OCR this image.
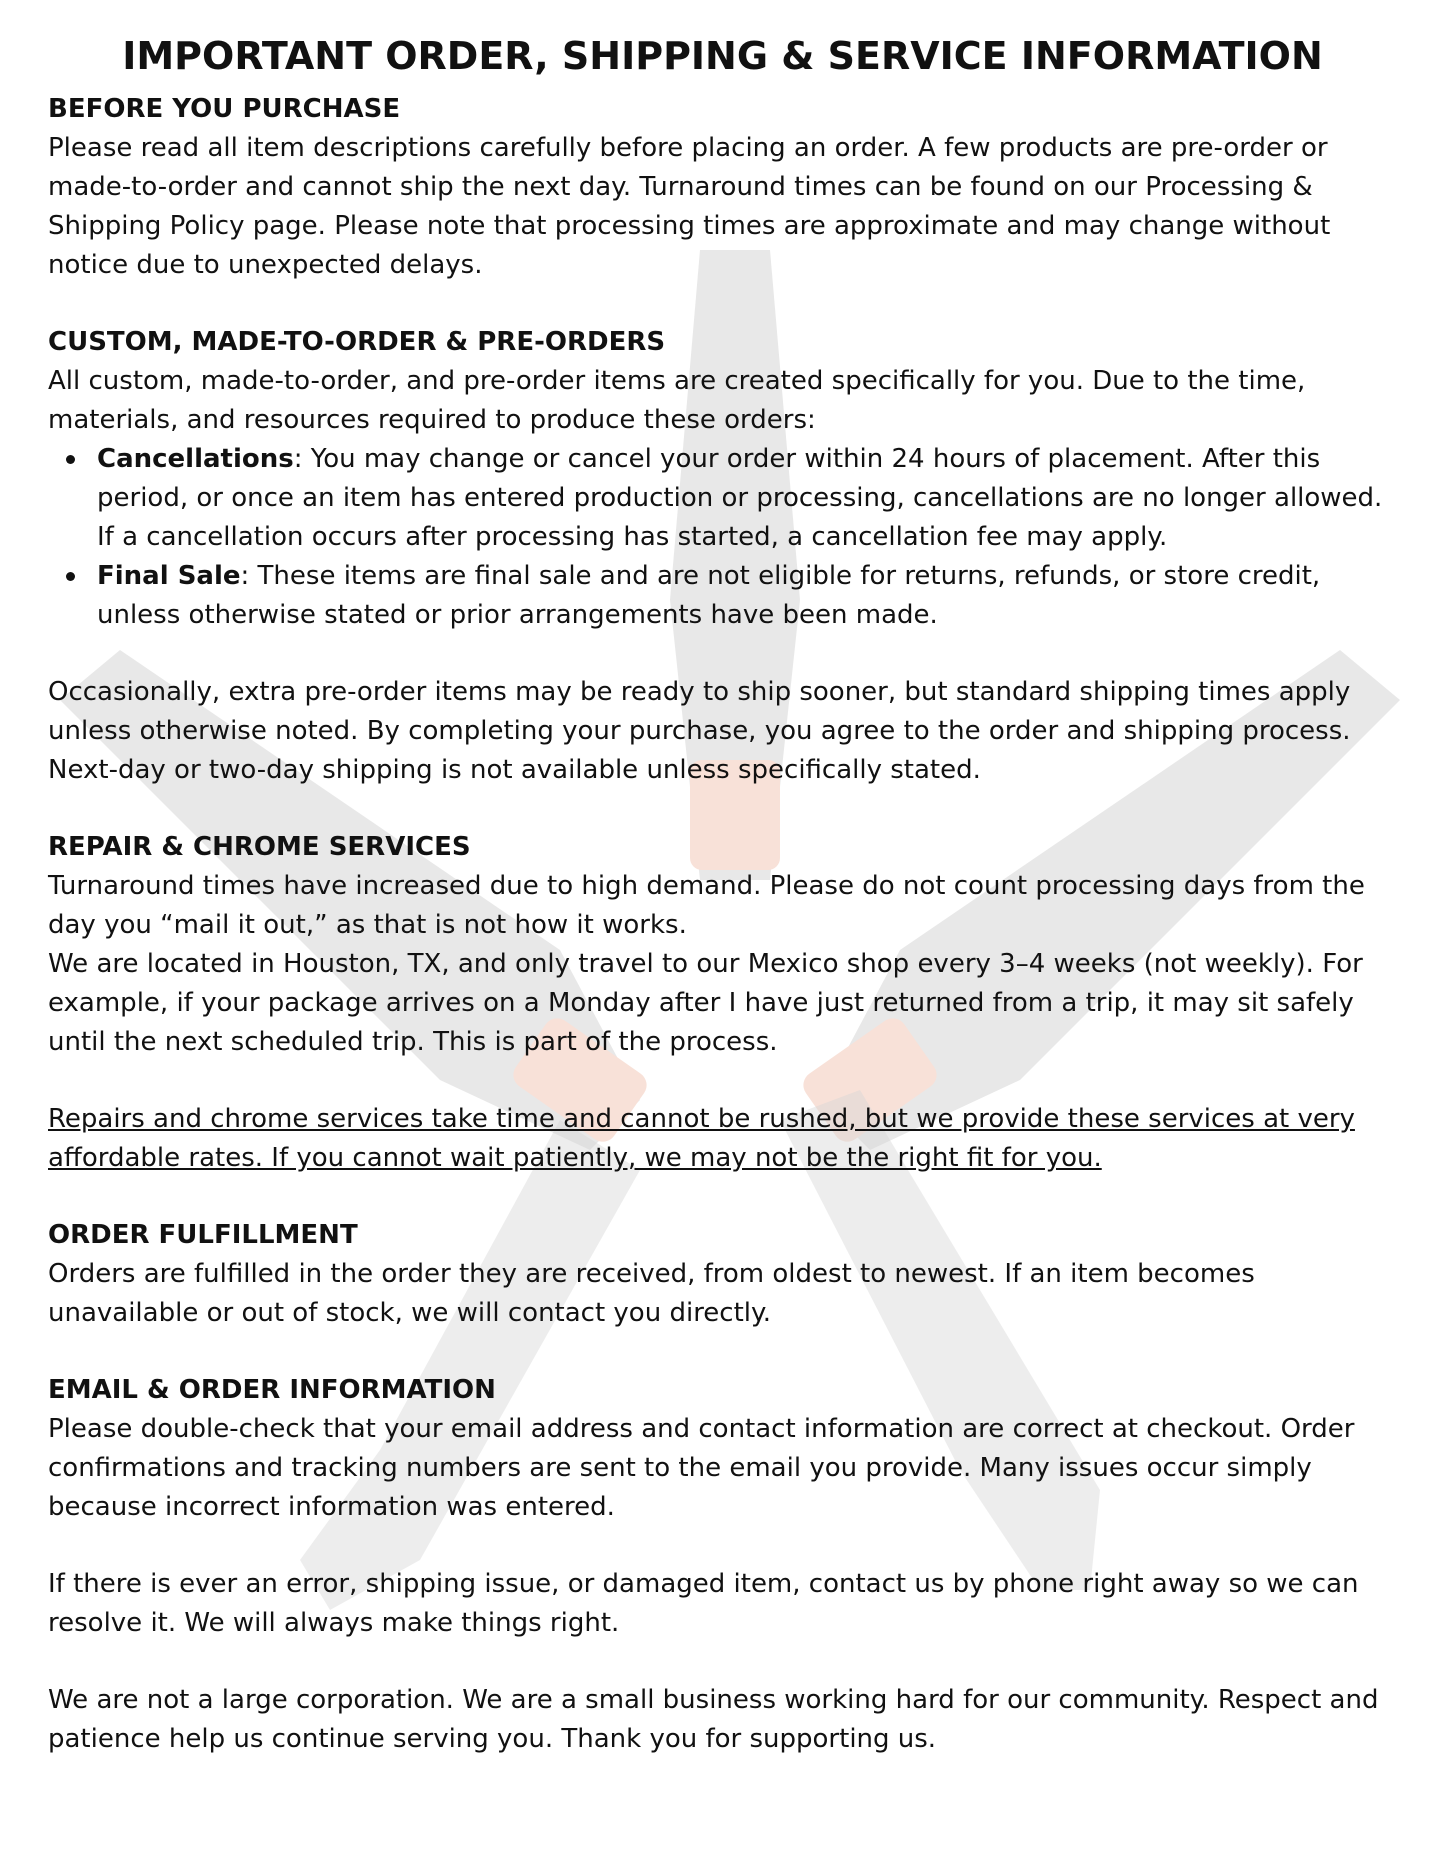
IMPORTANT ORDER, SHIPPING & SERVICE INFORMATION

BEFORE YOU PURCHASE

Please read all item descriptions carefully before placing an order. A few products are pre-order or made-to-order and cannot ship the next day. Turnaround times can be found on our Processing & Shipping Policy page. Please note that processing times are approximate and may change without notice due to unexpected delays.

CUSTOM, MADE-TO-ORDER & PRE-ORDERS

All custom, made-to-order, and pre-order items are created specifically for you. Due to the time, materials, and resources required to produce these orders:

Cancellations: You may change or cancel your order within 24 hours of placement. After this period, or once an item has entered production or processing, cancellations are no longer allowed. If a cancellation occurs after processing has started, a cancellation fee may apply.
Final Sale: These items are final sale and are not eligible for returns, refunds, or store credit, unless otherwise stated or prior arrangements have been made.

Occasionally, extra pre-order items may be ready to ship sooner, but standard shipping times apply unless otherwise noted. By completing your purchase, you agree to the order and shipping process. Next-day or two-day shipping is not available unless specifically stated.

REPAIR & CHROME SERVICES

Turnaround times have increased due to high demand. Please do not count processing days from the day you “mail it out,” as that is not how it works.

We are located in Houston, TX, and only travel to our Mexico shop every 3–4 weeks (not weekly). For example, if your package arrives on a Monday after I have just returned from a trip, it may sit safely until the next scheduled trip. This is part of the process.

Repairs and chrome services take time and cannot be rushed, but we provide these services at very affordable rates. If you cannot wait patiently, we may not be the right fit for you.

ORDER FULFILLMENT

Orders are fulfilled in the order they are received, from oldest to newest. If an item becomes unavailable or out of stock, we will contact you directly.

EMAIL & ORDER INFORMATION

Please double-check that your email address and contact information are correct at checkout. Order confirmations and tracking numbers are sent to the email you provide. Many issues occur simply because incorrect information was entered.

If there is ever an error, shipping issue, or damaged item, contact us by phone right away so we can resolve it. We will always make things right.

We are not a large corporation. We are a small business working hard for our community. Respect and patience help us continue serving you. Thank you for supporting us.
